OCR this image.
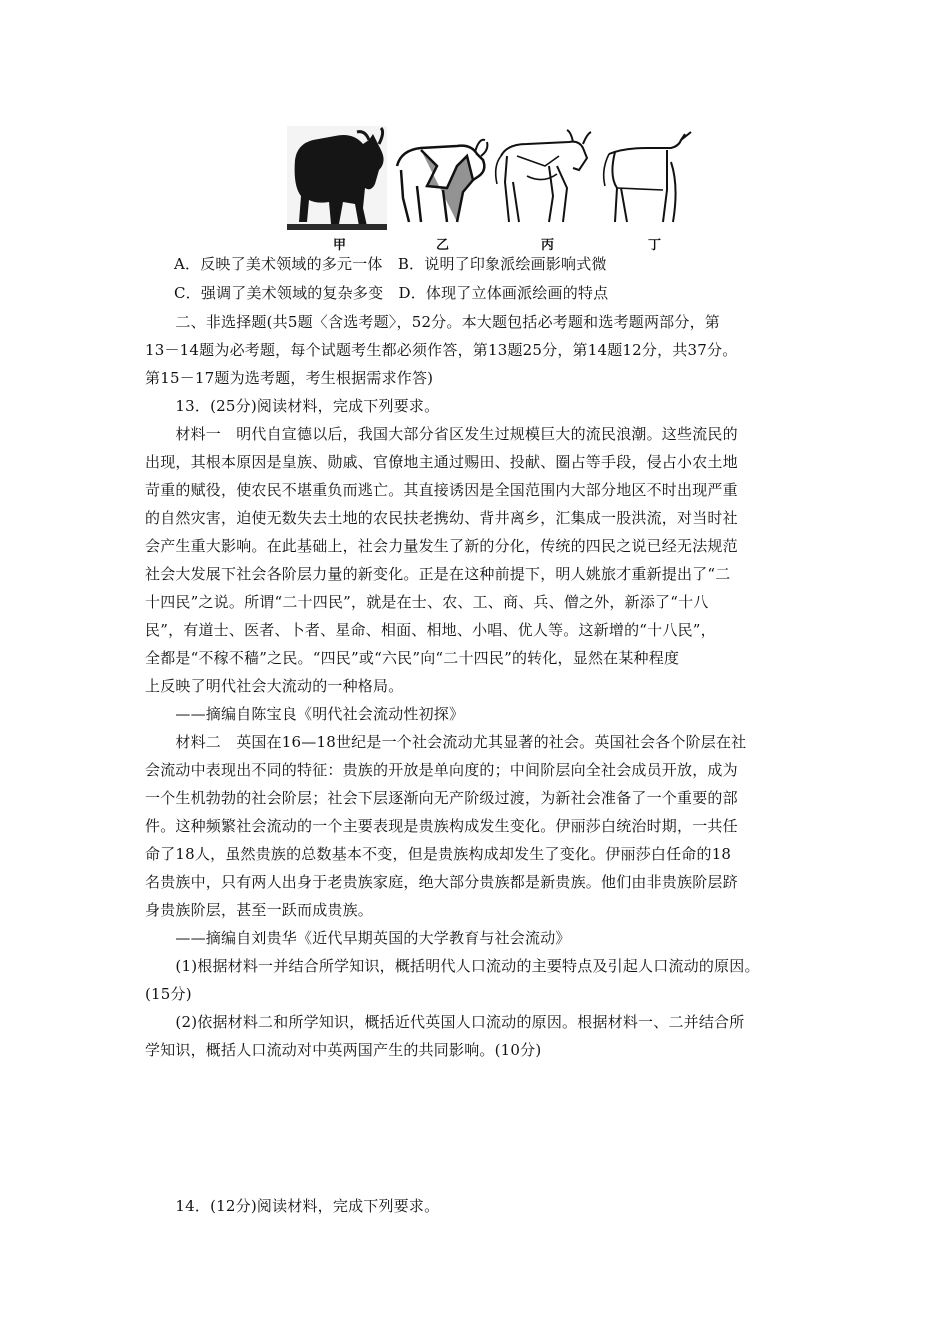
甲	乙	丙	丁
A．反映了美术领域的多元一体　B．说明了印象派绘画影响式微
C．强调了美术领域的复杂多变　D．体现了立体画派绘画的特点
　　二、非选择题(共5题〈含选考题〉，52分。本大题包括必考题和选考题两部分，第
13－14题为必考题，每个试题考生都必须作答，第13题25分，第14题12分，共37分。
第15－17题为选考题，考生根据需求作答)
　　13．(25分)阅读材料，完成下列要求。
　　材料一　明代自宣德以后，我国大部分省区发生过规模巨大的流民浪潮。这些流民的
出现，其根本原因是皇族、勋戚、官僚地主通过赐田、投献、圈占等手段，侵占小农土地
苛重的赋役，使农民不堪重负而逃亡。其直接诱因是全国范围内大部分地区不时出现严重
的自然灾害，迫使无数失去土地的农民扶老携幼、背井离乡，汇集成一股洪流，对当时社
会产生重大影响。在此基础上，社会力量发生了新的分化，传统的四民之说已经无法规范
社会大发展下社会各阶层力量的新变化。正是在这种前提下，明人姚旅才重新提出了“二
十四民”之说。所谓“二十四民”，就是在士、农、工、商、兵、僧之外，新添了“十八
民”，有道士、医者、卜者、星命、相面、相地、小唱、优人等。这新增的“十八民”，
全都是“不稼不穑”之民。“四民”或“六民”向“二十四民”的转化，显然在某种程度
上反映了明代社会大流动的一种格局。
　　——摘编自陈宝良《明代社会流动性初探》
　　材料二　英国在16—18世纪是一个社会流动尤其显著的社会。英国社会各个阶层在社
会流动中表现出不同的特征：贵族的开放是单向度的；中间阶层向全社会成员开放，成为
一个生机勃勃的社会阶层；社会下层逐渐向无产阶级过渡，为新社会准备了一个重要的部
件。这种频繁社会流动的一个主要表现是贵族构成发生变化。伊丽莎白统治时期，一共任
命了18人，虽然贵族的总数基本不变，但是贵族构成却发生了变化。伊丽莎白任命的18
名贵族中，只有两人出身于老贵族家庭，绝大部分贵族都是新贵族。他们由非贵族阶层跻
身贵族阶层，甚至一跃而成贵族。
　　——摘编自刘贵华《近代早期英国的大学教育与社会流动》
　　(1)根据材料一并结合所学知识，概括明代人口流动的主要特点及引起人口流动的原因。
(15分)
　　(2)依据材料二和所学知识，概括近代英国人口流动的原因。根据材料一、二并结合所
学知识，概括人口流动对中英两国产生的共同影响。(10分)
　　14．(12分)阅读材料，完成下列要求。
